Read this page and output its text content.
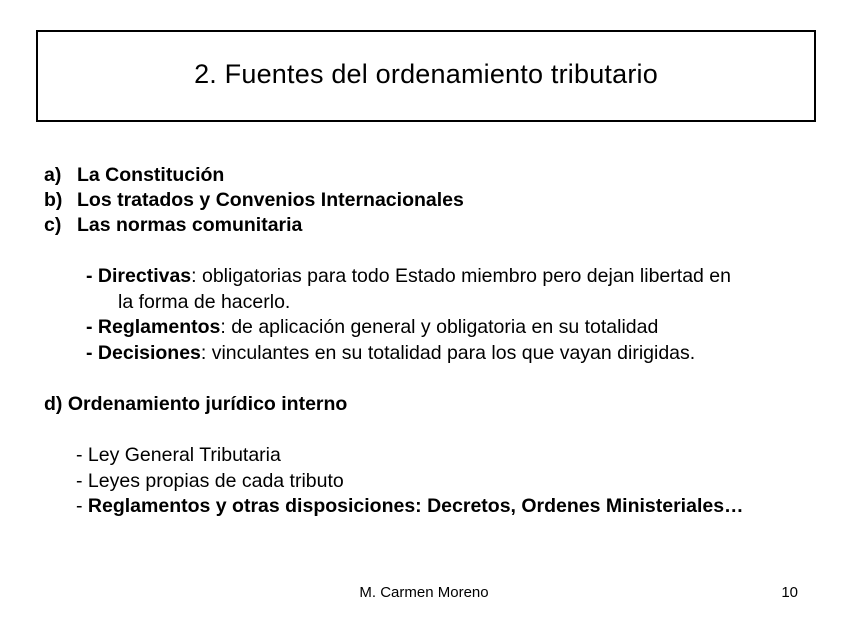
2. Fuentes del ordenamiento tributario
a) La Constitución
b) Los tratados y Convenios Internacionales
c) Las normas comunitaria
- Directivas: obligatorias para todo Estado miembro pero dejan libertad en
la forma de hacerlo.
- Reglamentos: de aplicación general y obligatoria en su totalidad
- Decisiones: vinculantes en su totalidad para los que vayan dirigidas.
d) Ordenamiento jurídico interno
- Ley General Tributaria
- Leyes propias de cada tributo
- Reglamentos y otras disposiciones: Decretos, Ordenes Ministeriales…
M. Carmen Moreno	10
